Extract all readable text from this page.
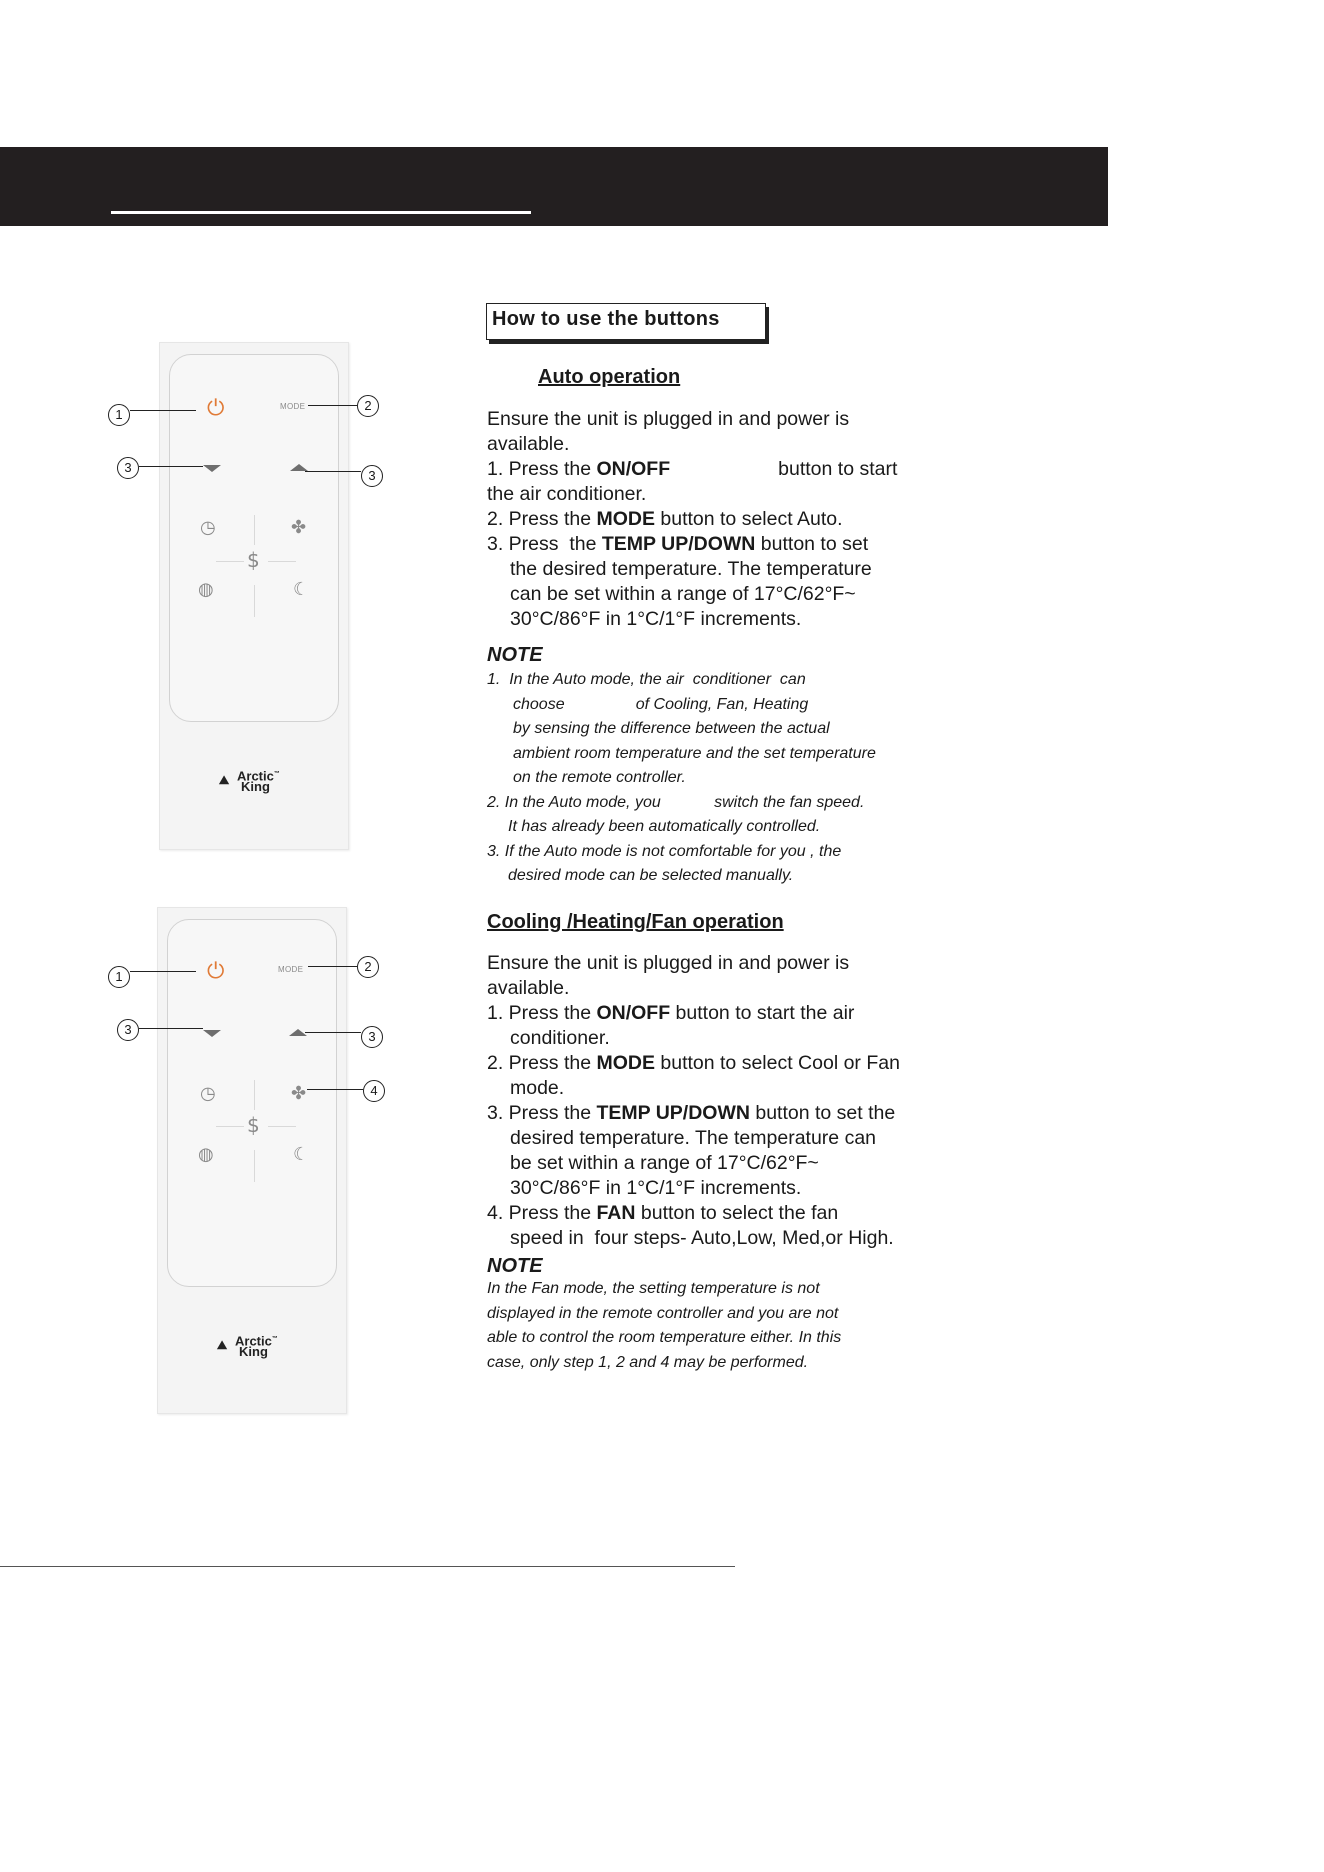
⏻	MODE
◷	✤
$
◍	☾
⛰ Arctic™
King
⏻	MODE
◷	✤
$
◍	☾
⛰ Arctic™
King
1
2
3
3
1
2
3	3
4
How to use the buttons
Auto operation
Ensure the unit is plugged in and power is
available.
1. Press the ON/OFF	button to start
the air conditioner.
2. Press the MODE button to select Auto.
3. Press  the TEMP UP/DOWN button to set
the desired temperature. The temperature
can be set within a range of 17°C/62°F~
30°C/86°F in 1°C/1°F increments.
NOTE
1.  In the Auto mode, the air  conditioner  can
choose                of Cooling, Fan, Heating
by sensing the difference between the actual
ambient room temperature and the set temperature
on the remote controller.
2. In the Auto mode, you            switch the fan speed.
It has already been automatically controlled.
3. If the Auto mode is not comfortable for you , the
desired mode can be selected manually.
Cooling /Heating/Fan operation
Ensure the unit is plugged in and power is
available.
1. Press the ON/OFF button to start the air
conditioner.
2. Press the MODE button to select Cool or Fan
mode.
3. Press the TEMP UP/DOWN button to set the
desired temperature. The temperature can
be set within a range of 17°C/62°F~
30°C/86°F in 1°C/1°F increments.
4. Press the FAN button to select the fan
speed in  four steps- Auto,Low, Med,or High.
NOTE
In the Fan mode, the setting temperature is not
displayed in the remote controller and you are not
able to control the room temperature either. In this
case, only step 1, 2 and 4 may be performed.
